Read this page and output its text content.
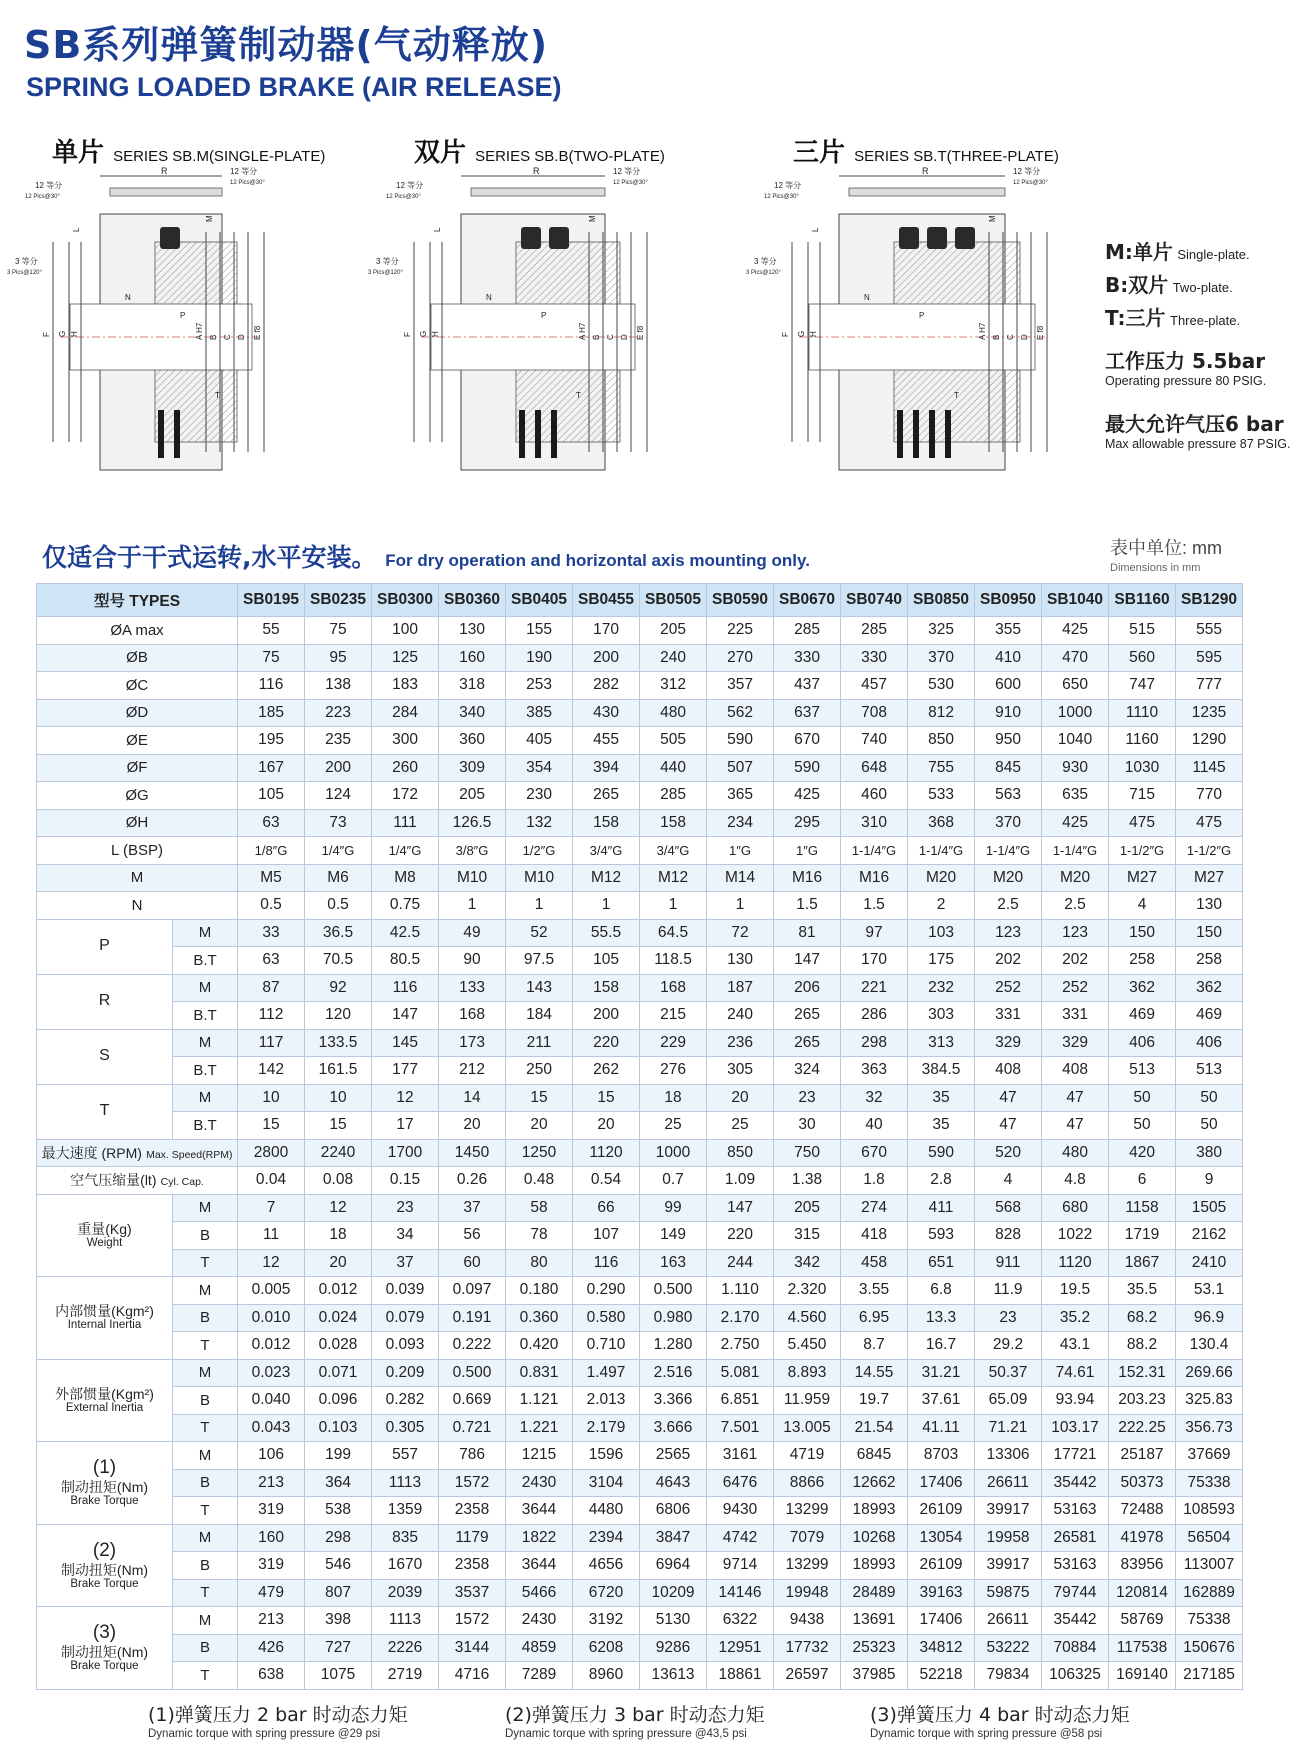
SB系列弹簧制动器(气动释放)
SPRING LOADED BRAKE (AIR RELEASE)
单片 SERIES SB.M(SINGLE-PLATE)	双片 SERIES SB.B(TWO-PLATE)	三片 SERIES SB.T(THREE-PLATE)
R	12 等分
12 Pics@30°
12 等分
12 Pics@30°
3 等分
3 Pics@120°
M
L
N
P
T
F G H	A H7 B C D E f8
R	12 等分
12 Pics@30°
12 等分
12 Pics@30°
3 等分
3 Pics@120°
M
L
N
P
T
F G H	A H7 B C D E f8
R	12 等分
12 Pics@30°
12 等分
12 Pics@30°
3 等分
3 Pics@120°
M
L
N
P
T
F G H	A H7 B C D E f8
M:单片 Single-plate.
B:双片 Two-plate.
T:三片 Three-plate.
工作压力 5.5bar
Operating pressure 80 PSIG.
最大允许气压6 bar
Max allowable pressure 87 PSIG.
仅适合于干式运转,水平安装。 For dry operation and horizontal axis mounting only.
表中单位: mm
Dimensions in mm
型号 TYPES		SB0195	SB0235	SB0300	SB0360	SB0405	SB0455	SB0505	SB0590	SB0670	SB0740	SB0850	SB0950	SB1040	SB1160	SB1290
ØA max		55	75	100	130	155	170	205	225	285	285	325	355	425	515	555
ØB		75	95	125	160	190	200	240	270	330	330	370	410	470	560	595
ØC		116	138	183	318	253	282	312	357	437	457	530	600	650	747	777
ØD		185	223	284	340	385	430	480	562	637	708	812	910	1000	1110	1235
ØE		195	235	300	360	405	455	505	590	670	740	850	950	1040	1160	1290
ØF		167	200	260	309	354	394	440	507	590	648	755	845	930	1030	1145
ØG		105	124	172	205	230	265	285	365	425	460	533	563	635	715	770
ØH		63	73	111	126.5	132	158	158	234	295	310	368	370	425	475	475
L (BSP)		1/8″G	1/4″G	1/4″G	3/8″G	1/2″G	3/4″G	3/4″G	1″G	1″G	1-1/4″G	1-1/4″G	1-1/4″G	1-1/4″G	1-1/2″G	1-1/2″G
M		M5	M6	M8	M10	M10	M12	M12	M14	M16	M16	M20	M20	M20	M27	M27
N		0.5	0.5	0.75	1	1	1	1	1	1.5	1.5	2	2.5	2.5	4	130
P	M	33	36.5	42.5	49	52	55.5	64.5	72	81	97	103	123	123	150	150
	B.T	63	70.5	80.5	90	97.5	105	118.5	130	147	170	175	202	202	258	258
R	M	87	92	116	133	143	158	168	187	206	221	232	252	252	362	362
	B.T	112	120	147	168	184	200	215	240	265	286	303	331	331	469	469
S	M	117	133.5	145	173	211	220	229	236	265	298	313	329	329	406	406
	B.T	142	161.5	177	212	250	262	276	305	324	363	384.5	408	408	513	513
T	M	10	10	12	14	15	15	18	20	23	32	35	47	47	50	50
	B.T	15	15	17	20	20	20	25	25	30	40	35	47	47	50	50
最大速度 (RPM) Max. Speed(RPM)		2800	2240	1700	1450	1250	1120	1000	850	750	670	590	520	480	420	380
空气压缩量(lt) Cyl. Cap.		0.04	0.08	0.15	0.26	0.48	0.54	0.7	1.09	1.38	1.8	2.8	4	4.8	6	9

重量(Kg)
Weight	M	7	12	23	37	58	66	99	147	205	274	411	568	680	1158	1505
	B	11	18	34	56	78	107	149	220	315	418	593	828	1022	1719	2162
	T	12	20	37	60	80	116	163	244	342	458	651	911	1120	1867	2410

内部惯量(Kgm²)
Internal Inertia	M	0.005	0.012	0.039	0.097	0.180	0.290	0.500	1.110	2.320	3.55	6.8	11.9	19.5	35.5	53.1
	B	0.010	0.024	0.079	0.191	0.360	0.580	0.980	2.170	4.560	6.95	13.3	23	35.2	68.2	96.9
	T	0.012	0.028	0.093	0.222	0.420	0.710	1.280	2.750	5.450	8.7	16.7	29.2	43.1	88.2	130.4

外部惯量(Kgm²)
External Inertia	M	0.023	0.071	0.209	0.500	0.831	1.497	2.516	5.081	8.893	14.55	31.21	50.37	74.61	152.31	269.66
	B	0.040	0.096	0.282	0.669	1.121	2.013	3.366	6.851	11.959	19.7	37.61	65.09	93.94	203.23	325.83
	T	0.043	0.103	0.305	0.721	1.221	2.179	3.666	7.501	13.005	21.54	41.11	71.21	103.17	222.25	356.73

(1)
制动扭矩(Nm)
Brake Torque	M	106	199	557	786	1215	1596	2565	3161	4719	6845	8703	13306	17721	25187	37669
	B	213	364	1113	1572	2430	3104	4643	6476	8866	12662	17406	26611	35442	50373	75338
	T	319	538	1359	2358	3644	4480	6806	9430	13299	18993	26109	39917	53163	72488	108593

(2)
制动扭矩(Nm)
Brake Torque	M	160	298	835	1179	1822	2394	3847	4742	7079	10268	13054	19958	26581	41978	56504
	B	319	546	1670	2358	3644	4656	6964	9714	13299	18993	26109	39917	53163	83956	113007
	T	479	807	2039	3537	5466	6720	10209	14146	19948	28489	39163	59875	79744	120814	162889

(3)
制动扭矩(Nm)
Brake Torque	M	213	398	1113	1572	2430	3192	5130	6322	9438	13691	17406	26611	35442	58769	75338
	B	426	727	2226	3144	4859	6208	9286	12951	17732	25323	34812	53222	70884	117538	150676
	T	638	1075	2719	4716	7289	8960	13613	18861	26597	37985	52218	79834	106325	169140	217185
(1)弹簧压力 2 bar 时动态力矩
Dynamic torque with spring pressure @29 psi
(2)弹簧压力 3 bar 时动态力矩
Dynamic torque with spring pressure @43,5 psi
(3)弹簧压力 4 bar 时动态力矩
Dynamic torque with spring pressure @58 psi
